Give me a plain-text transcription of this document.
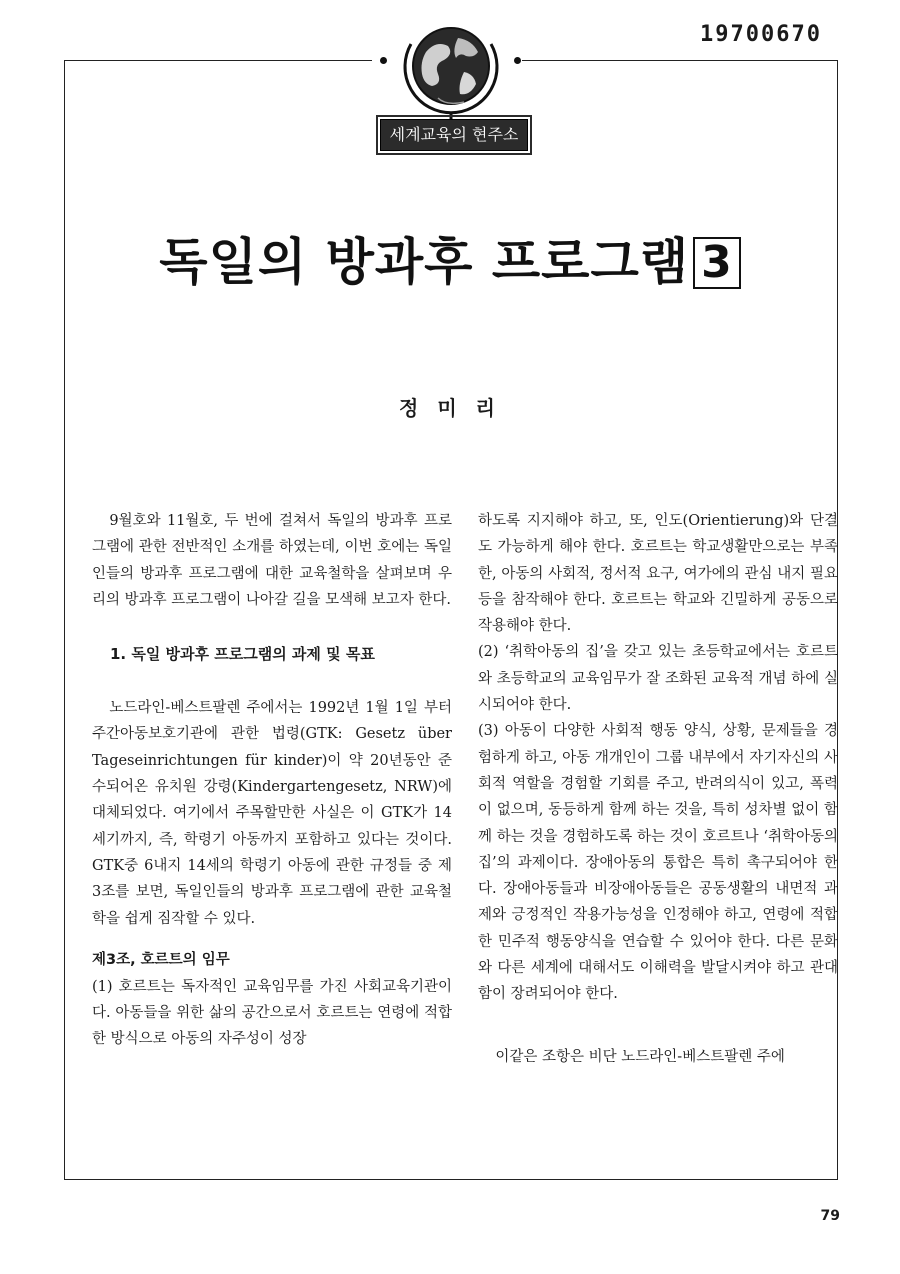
19700670
세계교육의 현주소
독일의 방과후 프로그램 3
정 미 리

9월호와 11월호, 두 번에 걸쳐서 독일의 방과후 프로그램에 관한 전반적인 소개를 하였는데, 이번 호에는 독일인들의 방과후 프로그램에 대한 교육철학을 살펴보며 우리의 방과후 프로그램이 나아갈 길을 모색해 보고자 한다.

1. 독일 방과후 프로그램의 과제 및 목표

노드라인-베스트팔렌 주에서는 1992년 1월 1일 부터 주간아동보호기관에 관한 법령(GTK: Gesetz über Tageseinrichtungen für kinder)이 약 20년동안 준수되어온 유치원 강령(Kindergartengesetz, NRW)에 대체되었다. 여기에서 주목할만한 사실은 이 GTK가 14세기까지, 즉, 학령기 아동까지 포함하고 있다는 것이다. GTK중 6내지 14세의 학령기 아동에 관한 규정들 중 제 3조를 보면, 독일인들의 방과후 프로그램에 관한 교육철학을 쉽게 짐작할 수 있다.

제3조, 호르트의 임무

(1) 호르트는 독자적인 교육임무를 가진 사회교육기관이다. 아동들을 위한 삶의 공간으로서 호르트는 연령에 적합한 방식으로 아동의 자주성이 성장

하도록 지지해야 하고, 또, 인도(Orientierung)와 단결도 가능하게 해야 한다. 호르트는 학교생활만으로는 부족한, 아동의 사회적, 정서적 요구, 여가에의 관심 내지 필요 등을 참작해야 한다. 호르트는 학교와 긴밀하게 공동으로 작용해야 한다.

(2) ‘취학아동의 집’을 갖고 있는 초등학교에서는 호르트와 초등학교의 교육임무가 잘 조화된 교육적 개념 하에 실시되어야 한다.

(3) 아동이 다양한 사회적 행동 양식, 상황, 문제들을 경험하게 하고, 아동 개개인이 그룹 내부에서 자기자신의 사회적 역할을 경험할 기회를 주고, 반려의식이 있고, 폭력이 없으며, 동등하게 함께 하는 것을, 특히 성차별 없이 함께 하는 것을 경험하도록 하는 것이 호르트나 ‘취학아동의 집’의 과제이다. 장애아동의 통합은 특히 촉구되어야 한다. 장애아동들과 비장애아동들은 공동생활의 내면적 과제와 긍정적인 작용가능성을 인정해야 하고, 연령에 적합한 민주적 행동양식을 연습할 수 있어야 한다. 다른 문화와 다른 세계에 대해서도 이해력을 발달시켜야 하고 관대함이 장려되어야 한다.

이같은 조항은 비단 노드라인-베스트팔렌 주에

79
